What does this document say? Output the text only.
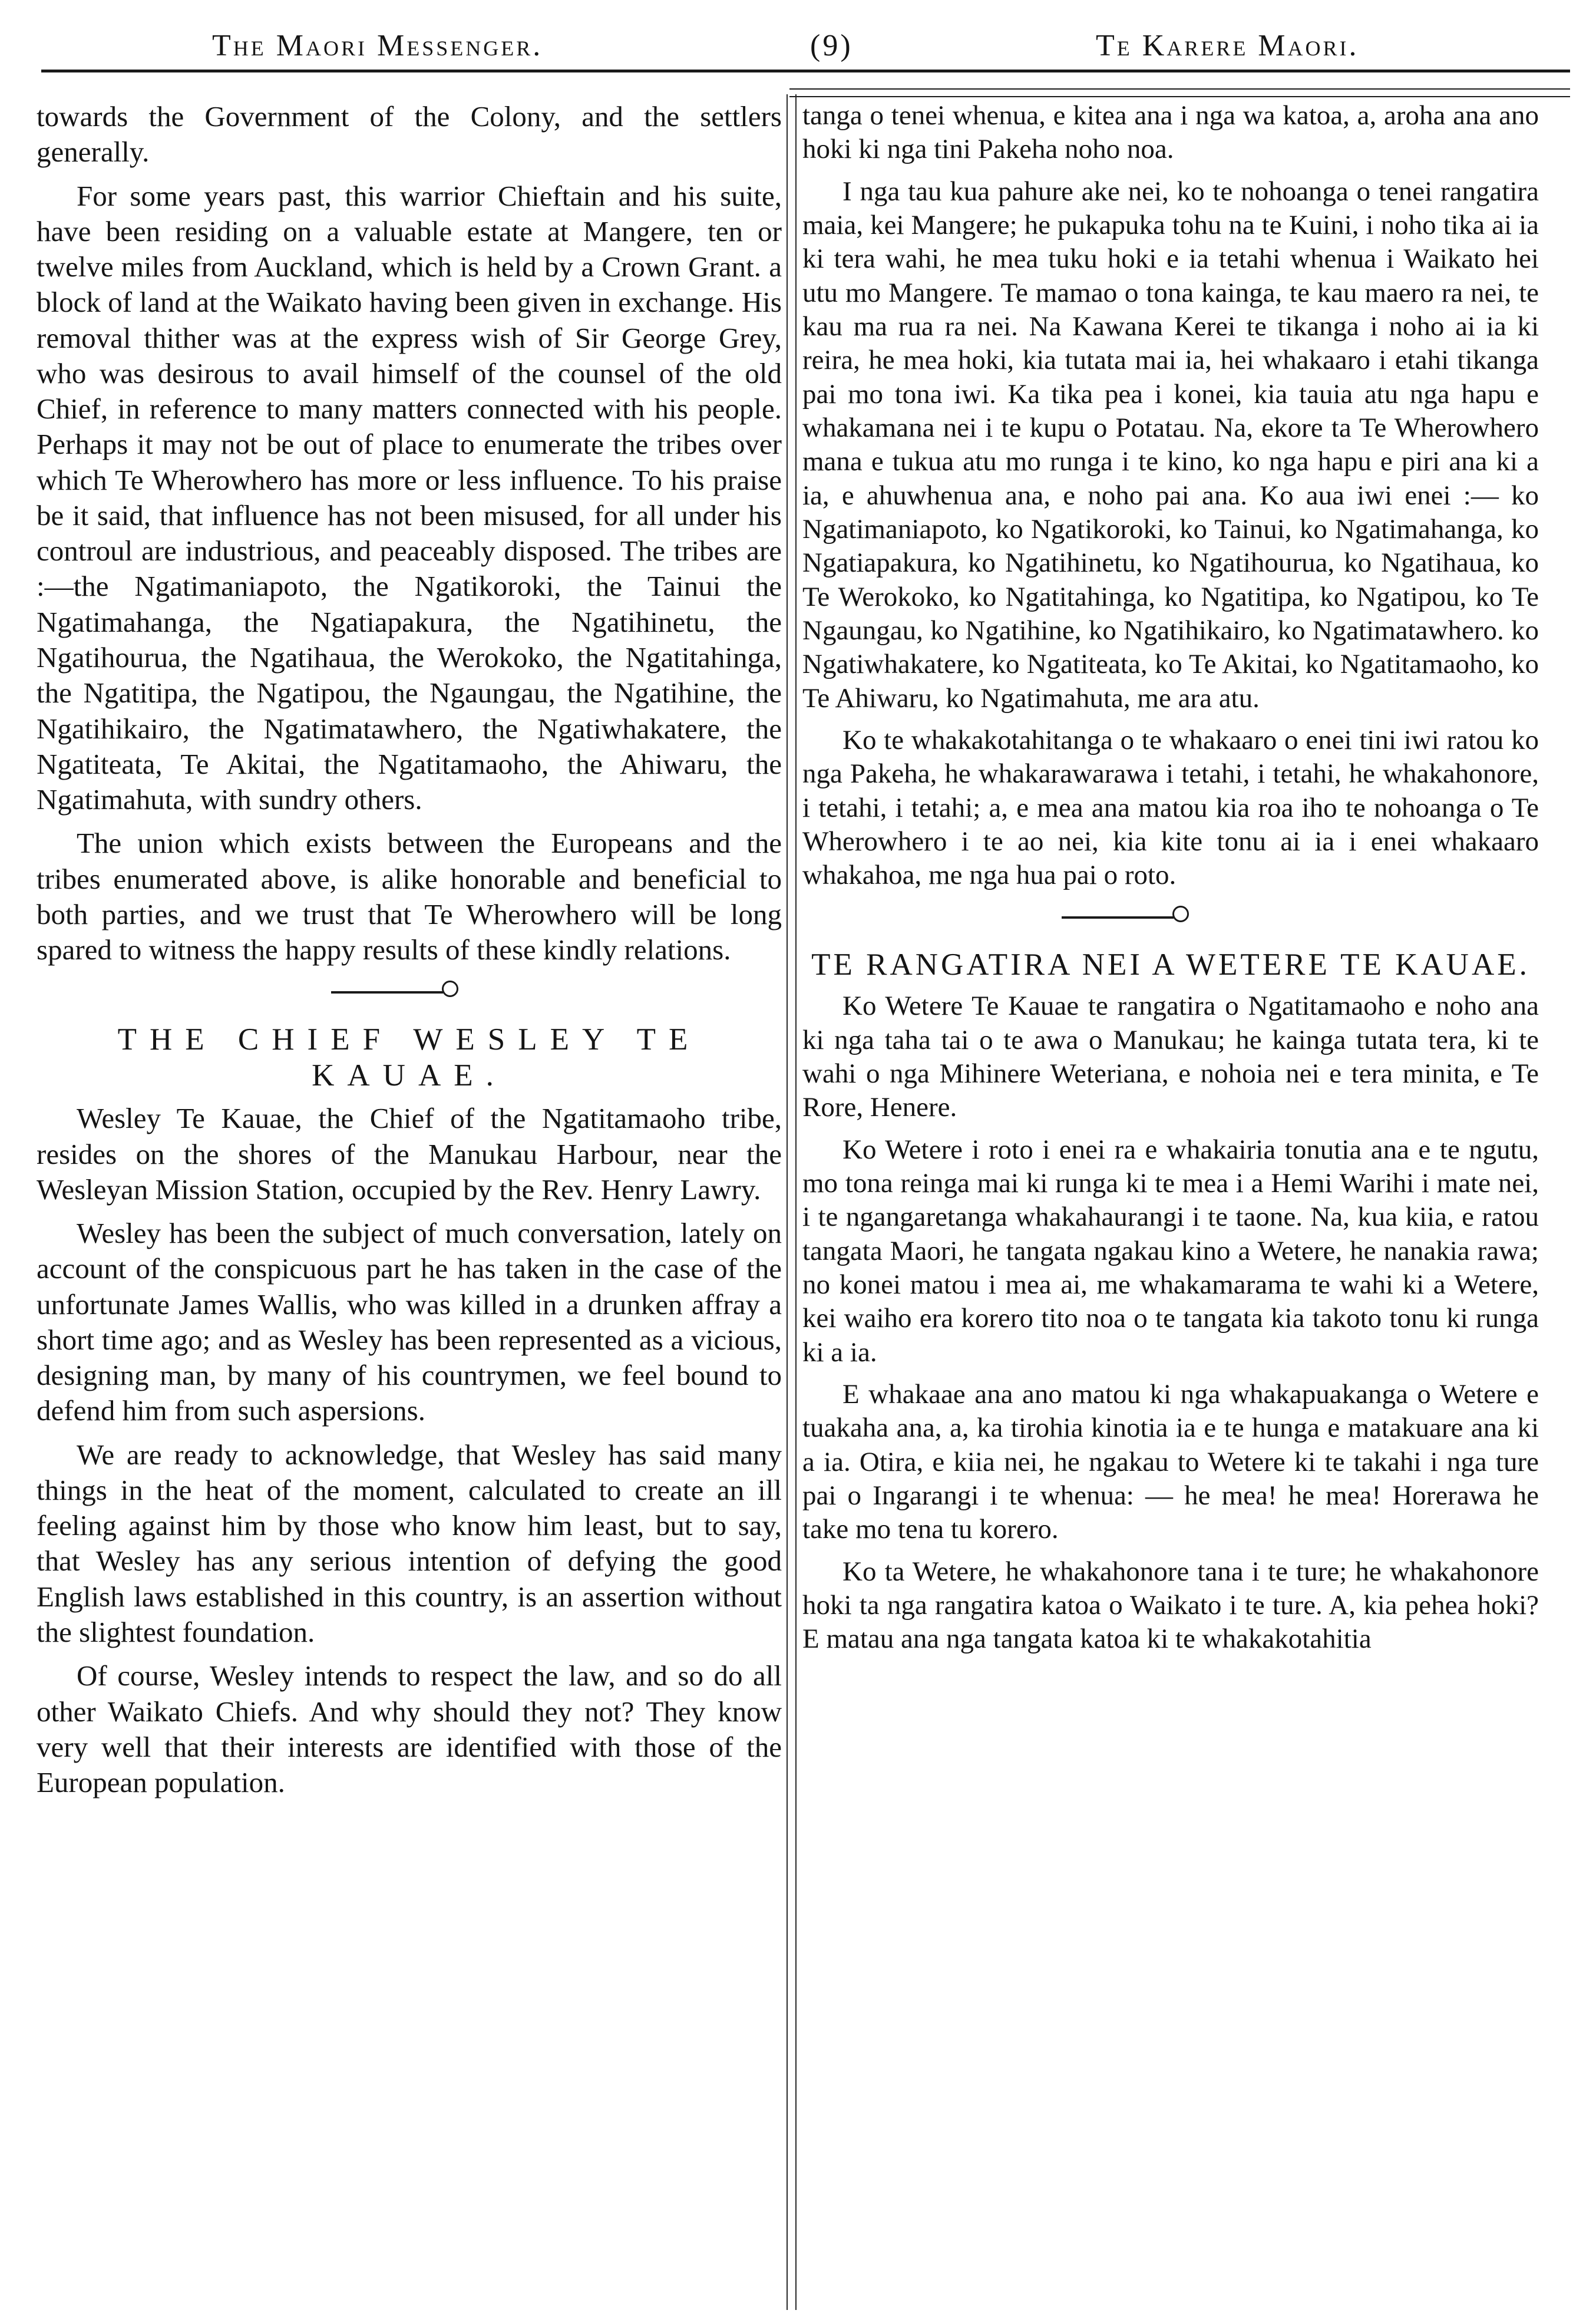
The Maori Messenger.	(9)	Te Karere Maori.

towards the Government of the Colony, and the settlers generally.

For some years past, this warrior Chieftain and his suite, have been residing on a valuable estate at Mangere, ten or twelve miles from Auckland, which is held by a Crown Grant. a block of land at the Waikato having been given in exchange. His removal thither was at the express wish of Sir George Grey, who was desirous to avail himself of the counsel of the old Chief, in reference to many matters connected with his people. Perhaps it may not be out of place to enumerate the tribes over which Te Wherowhero has more or less influence. To his praise be it said, that influence has not been misused, for all under his controul are industrious, and peaceably disposed. The tribes are :—the Ngatimaniapoto, the Ngatikoroki, the Tainui the Ngatimahanga, the Ngatiapakura, the Ngatihinetu, the Ngatihourua, the Ngatihaua, the Werokoko, the Ngatitahinga, the Ngatitipa, the Ngatipou, the Ngaungau, the Ngatihine, the Ngatihikairo, the Ngatimatawhero, the Ngatiwhakatere, the Ngatiteata, Te Akitai, the Ngatitamaoho, the Ahiwaru, the Ngatimahuta, with sundry others.

The union which exists between the Europeans and the tribes enumerated above, is alike honorable and beneficial to both parties, and we trust that Te Wherowhero will be long spared to witness the happy results of these kindly relations.

THE CHIEF WESLEY TE KAUAE.

Wesley Te Kauae, the Chief of the Ngatitamaoho tribe, resides on the shores of the Manukau Harbour, near the Wesleyan Mission Station, occupied by the Rev. Henry Lawry.

Wesley has been the subject of much conversation, lately on account of the conspicuous part he has taken in the case of the unfortunate James Wallis, who was killed in a drunken affray a short time ago; and as Wesley has been represented as a vicious, designing man, by many of his countrymen, we feel bound to defend him from such aspersions.

We are ready to acknowledge, that Wesley has said many things in the heat of the moment, calculated to create an ill feeling against him by those who know him least, but to say, that Wesley has any serious intention of defying the good English laws established in this country, is an assertion without the slightest foundation.

Of course, Wesley intends to respect the law, and so do all other Waikato Chiefs. And why should they not? They know very well that their interests are identified with those of the European population.

tanga o tenei whenua, e kitea ana i nga wa katoa, a, aroha ana ano hoki ki nga tini Pakeha noho noa.

I nga tau kua pahure ake nei, ko te nohoanga o tenei rangatira maia, kei Mangere; he pukapuka tohu na te Kuini, i noho tika ai ia ki tera wahi, he mea tuku hoki e ia tetahi whenua i Waikato hei utu mo Mangere. Te mamao o tona kainga, te kau maero ra nei, te kau ma rua ra nei. Na Kawana Kerei te tikanga i noho ai ia ki reira, he mea hoki, kia tutata mai ia, hei whakaaro i etahi tikanga pai mo tona iwi. Ka tika pea i konei, kia tauia atu nga hapu e whakamana nei i te kupu o Potatau. Na, ekore ta Te Wherowhero mana e tukua atu mo runga i te kino, ko nga hapu e piri ana ki a ia, e ahuwhenua ana, e noho pai ana. Ko aua iwi enei :— ko Ngatimaniapoto, ko Ngatikoroki, ko Tainui, ko Ngatimahanga, ko Ngatiapakura, ko Ngatihinetu, ko Ngatihourua, ko Ngatihaua, ko Te Werokoko, ko Ngatitahinga, ko Ngatitipa, ko Ngatipou, ko Te Ngaungau, ko Ngatihine, ko Ngatihikairo, ko Ngatimatawhero. ko Ngatiwhakatere, ko Ngatiteata, ko Te Akitai, ko Ngatitamaoho, ko Te Ahiwaru, ko Ngatimahuta, me ara atu.

Ko te whakakotahitanga o te whakaaro o enei tini iwi ratou ko nga Pakeha, he whakarawarawa i tetahi, i tetahi, he whakahonore, i tetahi, i tetahi; a, e mea ana matou kia roa iho te nohoanga o Te Wherowhero i te ao nei, kia kite tonu ai ia i enei whakaaro whakahoa, me nga hua pai o roto.

TE RANGATIRA NEI A WETERE TE KAUAE.

Ko Wetere Te Kauae te rangatira o Ngatitamaoho e noho ana ki nga taha tai o te awa o Manukau; he kainga tutata tera, ki te wahi o nga Mihinere Weteriana, e nohoia nei e tera minita, e Te Rore, Henere.

Ko Wetere i roto i enei ra e whakairia tonutia ana e te ngutu, mo tona reinga mai ki runga ki te mea i a Hemi Warihi i mate nei, i te ngangaretanga whakahaurangi i te taone. Na, kua kiia, e ratou tangata Maori, he tangata ngakau kino a Wetere, he nanakia rawa; no konei matou i mea ai, me whakamarama te wahi ki a Wetere, kei waiho era korero tito noa o te tangata kia takoto tonu ki runga ki a ia.

E whakaae ana ano matou ki nga whakapuakanga o Wetere e tuakaha ana, a, ka tirohia kinotia ia e te hunga e matakuare ana ki a ia. Otira, e kiia nei, he ngakau to Wetere ki te takahi i nga ture pai o Ingarangi i te whenua: — he mea! he mea! Horerawa he take mo tena tu korero.

Ko ta Wetere, he whakahonore tana i te ture; he whakahonore hoki ta nga rangatira katoa o Waikato i te ture. A, kia pehea hoki? E matau ana nga tangata katoa ki te whakakotahitia
